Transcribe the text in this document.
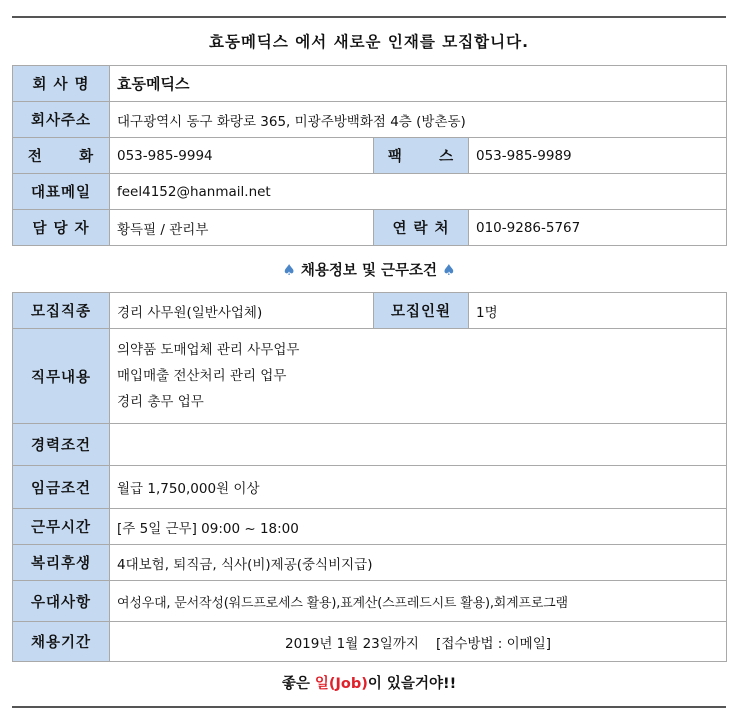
효동메딕스 에서 새로운 인재를 모집합니다.
회 사 명	효동메딕스		
회사주소	대구광역시 동구 화랑로 365, 미광주방백화점 4층 (방촌동)		
전      화	053-985-9994	팩      스	053-985-9989
대표메일	feel4152@hanmail.net		
담 당 자	황득필 / 관리부	연 락 처	010-9286-5767
♠ 채용정보 및 근무조건 ♠
모집직종	경리 사무원(일반사업체)	모집인원	1명
직무내용	의약품 도매업체 관리 사무업무
매입매출 전산처리 관리 업무
경리 총무 업무		

경력조건			
임금조건	월급 1,750,000원 이상		
근무시간	[주 5일 근무] 09:00 ~ 18:00		
복리후생	4대보험, 퇴직금, 식사(비)제공(중식비지급)		
우대사항	여성우대, 문서작성(워드프로세스 활용),표계산(스프레드시트 활용),회계프로그램		
채용기간	2019년 1월 23일까지    [접수방법 : 이메일]		
좋은 일(Job)이 있을거야!!
